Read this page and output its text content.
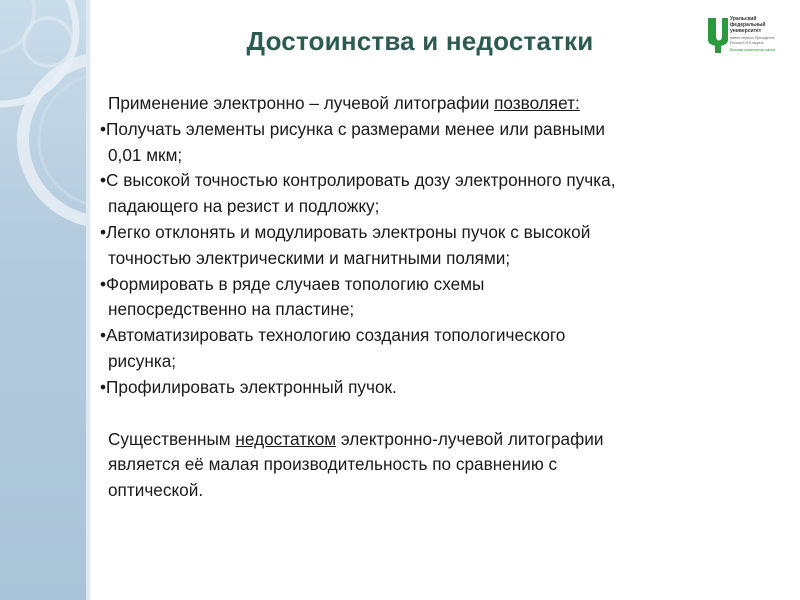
Достоинства и недостатки
Уральский
федеральный
университет
имени первого Президента России Б.Н.Ельцина
Высшая инженерная школа
Применение электронно – лучевой литографии позволяет:
•Получать элементы рисунка с размерами менее или равными
0,01 мкм;
•С высокой точностью контролировать дозу электронного пучка,
падающего на резист и подложку;
•Легко отклонять и модулировать электроны пучок с высокой
точностью электрическими и магнитными полями;
•Формировать в ряде случаев топологию схемы
непосредственно на пластине;
•Автоматизировать технологию создания топологического
рисунка;
•Профилировать электронный пучок.
Существенным недостатком электронно-лучевой литографии
является её малая производительность по сравнению с
оптической.
